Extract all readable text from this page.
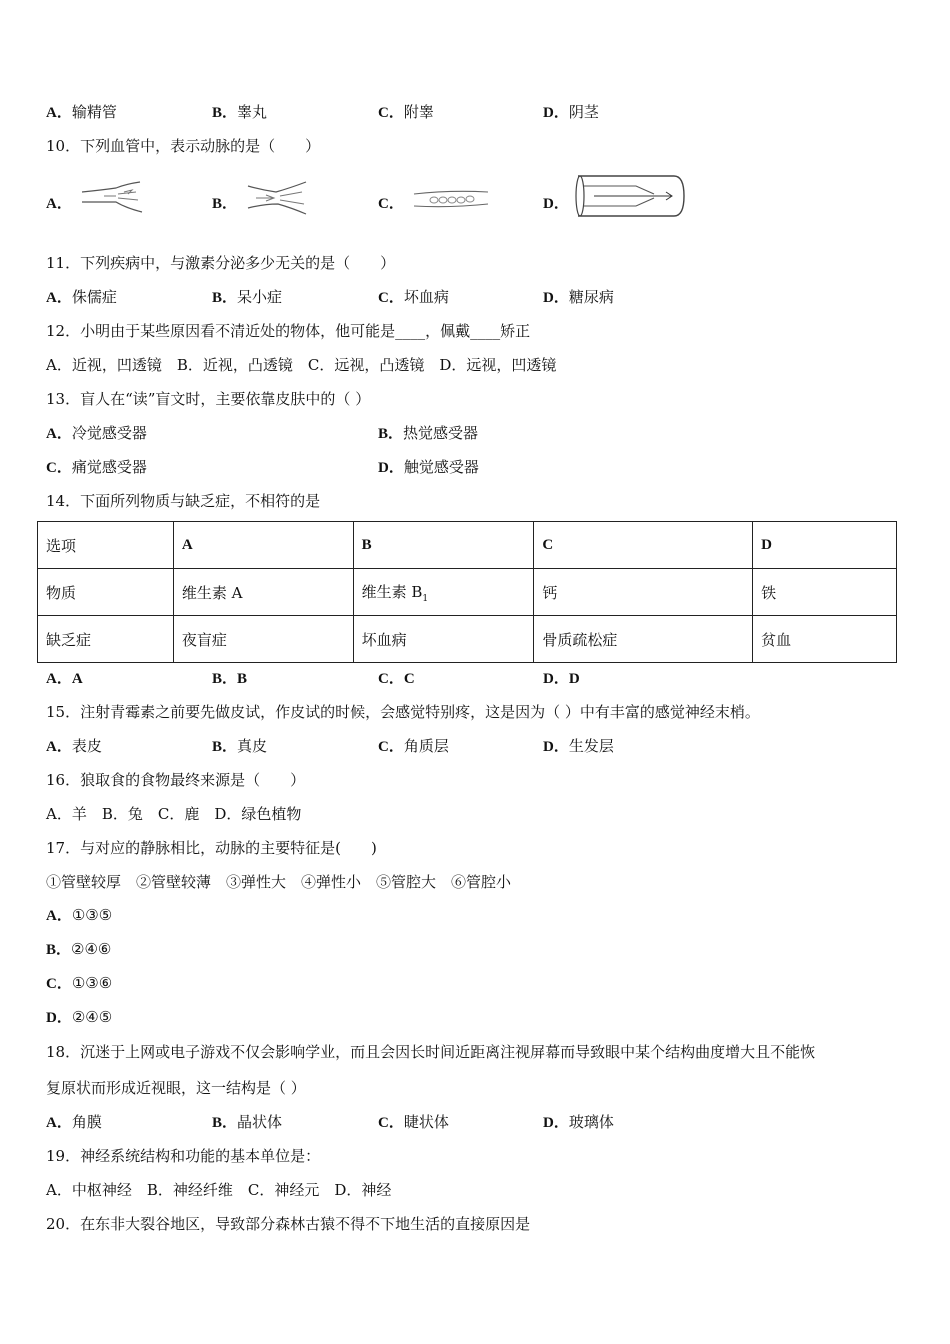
A．输精管	B．睾丸	C．附睾	D．阴茎
10．下列血管中，表示动脉的是（　　）
A．	B．	C．	D．
11．下列疾病中，与激素分泌多少无关的是（　　）
A．侏儒症	B．呆小症	C．坏血病	D．糖尿病
12．小明由于某些原因看不清近处的物体，他可能是____，佩戴____矫正
A．近视，凹透镜　B．近视，凸透镜　C．远视，凸透镜　D．远视，凹透镜
13．盲人在“读”盲文时，主要依靠皮肤中的（ ）
A．冷觉感受器	B．热觉感受器
C．痛觉感受器	D．触觉感受器
14．下面所列物质与缺乏症，不相符的是
选项	A	B	C	D
物质	维生素 A	维生素 $B_1$	钙	铁
缺乏症	夜盲症	坏血病	骨质疏松症	贫血
A．A	B．B	C．C	D．D
15．注射青霉素之前要先做皮试，作皮试的时候，会感觉特别疼，这是因为（ ）中有丰富的感觉神经末梢。
A．表皮	B．真皮	C．角质层	D．生发层
16．狼取食的食物最终来源是（　　）
A．羊　B．兔　C．鹿　D．绿色植物
17．与对应的静脉相比，动脉的主要特征是(　　)
①管壁较厚　②管壁较薄　③弹性大　④弹性小　⑤管腔大　⑥管腔小
A．①③⑤
B．②④⑥
C．①③⑥
D．②④⑤
18．沉迷于上网或电子游戏不仅会影响学业，而且会因长时间近距离注视屏幕而导致眼中某个结构曲度增大且不能恢
复原状而形成近视眼，这一结构是（ ）
A．角膜	B．晶状体	C．睫状体	D．玻璃体
19．神经系统结构和功能的基本单位是：
A．中枢神经　B．神经纤维　C．神经元　D．神经
20．在东非大裂谷地区，导致部分森林古猿不得不下地生活的直接原因是
